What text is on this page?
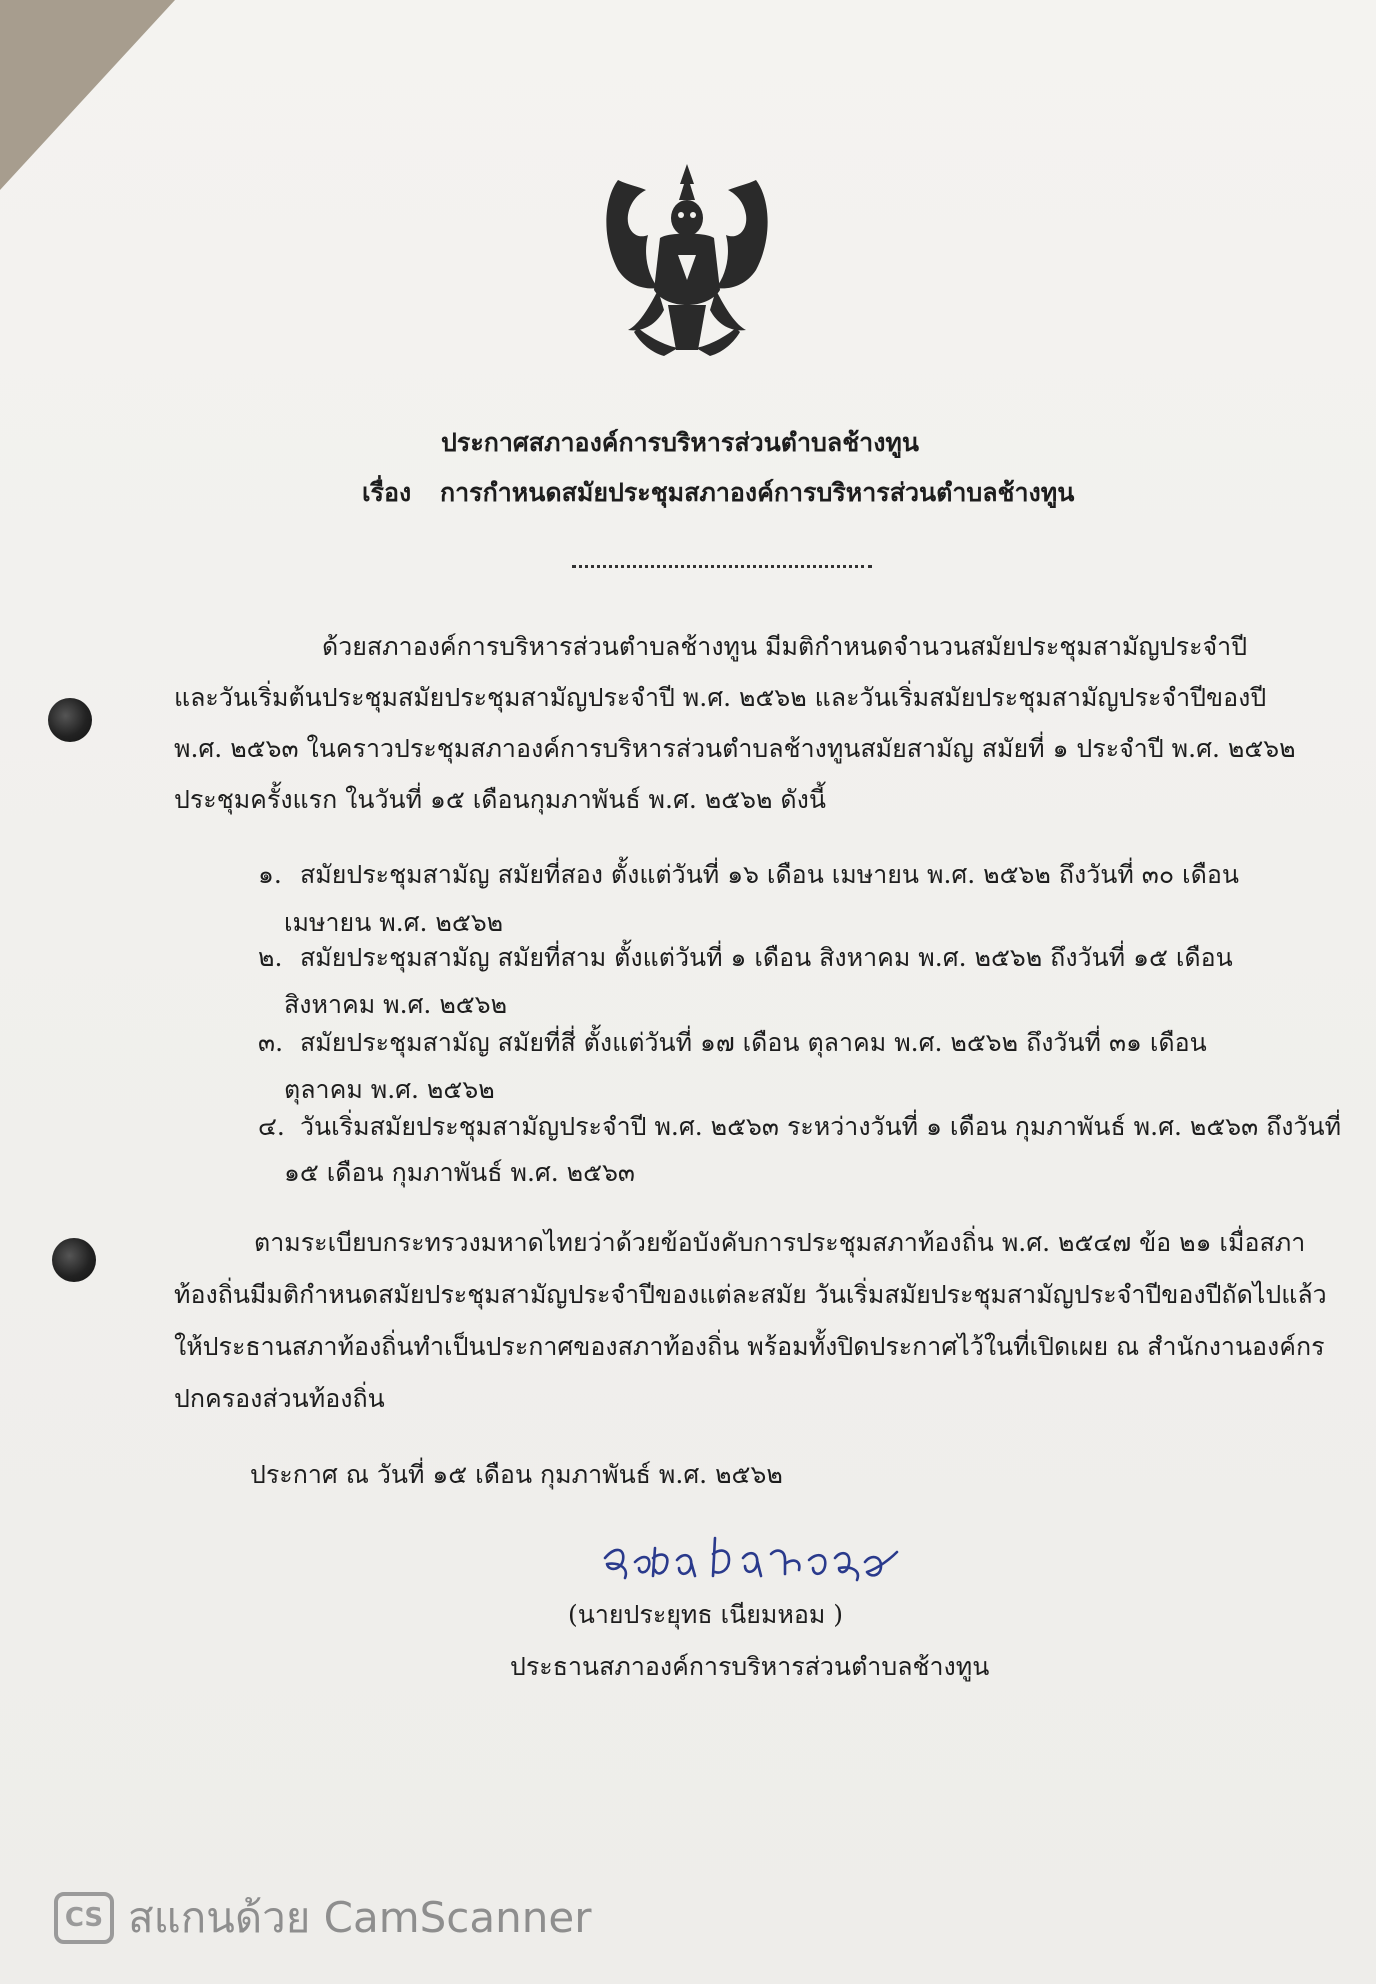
ประกาศสภาองค์การบริหารส่วนตำบลช้างทูน
เรื่อง การกำหนดสมัยประชุมสภาองค์การบริหารส่วนตำบลช้างทูน
ด้วยสภาองค์การบริหารส่วนตำบลช้างทูน มีมติกำหนดจำนวนสมัยประชุมสามัญประจำปี
และวันเริ่มต้นประชุมสมัยประชุมสามัญประจำปี พ.ศ. ๒๕๖๒ และวันเริ่มสมัยประชุมสามัญประจำปีของปี
พ.ศ. ๒๕๖๓ ในคราวประชุมสภาองค์การบริหารส่วนตำบลช้างทูนสมัยสามัญ สมัยที่ ๑ ประจำปี พ.ศ. ๒๕๖๒
ประชุมครั้งแรก ในวันที่ ๑๕ เดือนกุมภาพันธ์ พ.ศ. ๒๕๖๒ ดังนี้
๑. สมัยประชุมสามัญ สมัยที่สอง ตั้งแต่วันที่ ๑๖ เดือน เมษายน พ.ศ. ๒๕๖๒ ถึงวันที่ ๓๐ เดือน
เมษายน พ.ศ. ๒๕๖๒
๒. สมัยประชุมสามัญ สมัยที่สาม ตั้งแต่วันที่ ๑ เดือน สิงหาคม พ.ศ. ๒๕๖๒ ถึงวันที่ ๑๕ เดือน
สิงหาคม พ.ศ. ๒๕๖๒
๓. สมัยประชุมสามัญ สมัยที่สี่ ตั้งแต่วันที่ ๑๗ เดือน ตุลาคม พ.ศ. ๒๕๖๒ ถึงวันที่ ๓๑ เดือน
ตุลาคม พ.ศ. ๒๕๖๒
๔. วันเริ่มสมัยประชุมสามัญประจำปี พ.ศ. ๒๕๖๓ ระหว่างวันที่ ๑ เดือน กุมภาพันธ์ พ.ศ. ๒๕๖๓ ถึงวันที่
๑๕ เดือน กุมภาพันธ์ พ.ศ. ๒๕๖๓
ตามระเบียบกระทรวงมหาดไทยว่าด้วยข้อบังคับการประชุมสภาท้องถิ่น พ.ศ. ๒๕๔๗ ข้อ ๒๑ เมื่อสภา
ท้องถิ่นมีมติกำหนดสมัยประชุมสามัญประจำปีของแต่ละสมัย วันเริ่มสมัยประชุมสามัญประจำปีของปีถัดไปแล้ว
ให้ประธานสภาท้องถิ่นทำเป็นประกาศของสภาท้องถิ่น พร้อมทั้งปิดประกาศไว้ในที่เปิดเผย ณ สำนักงานองค์กร
ปกครองส่วนท้องถิ่น
ประกาศ ณ วันที่ ๑๕ เดือน กุมภาพันธ์ พ.ศ. ๒๕๖๒
(นายประยุทธ เนียมหอม )
ประธานสภาองค์การบริหารส่วนตำบลช้างทูน
CS สแกนด้วย CamScanner
